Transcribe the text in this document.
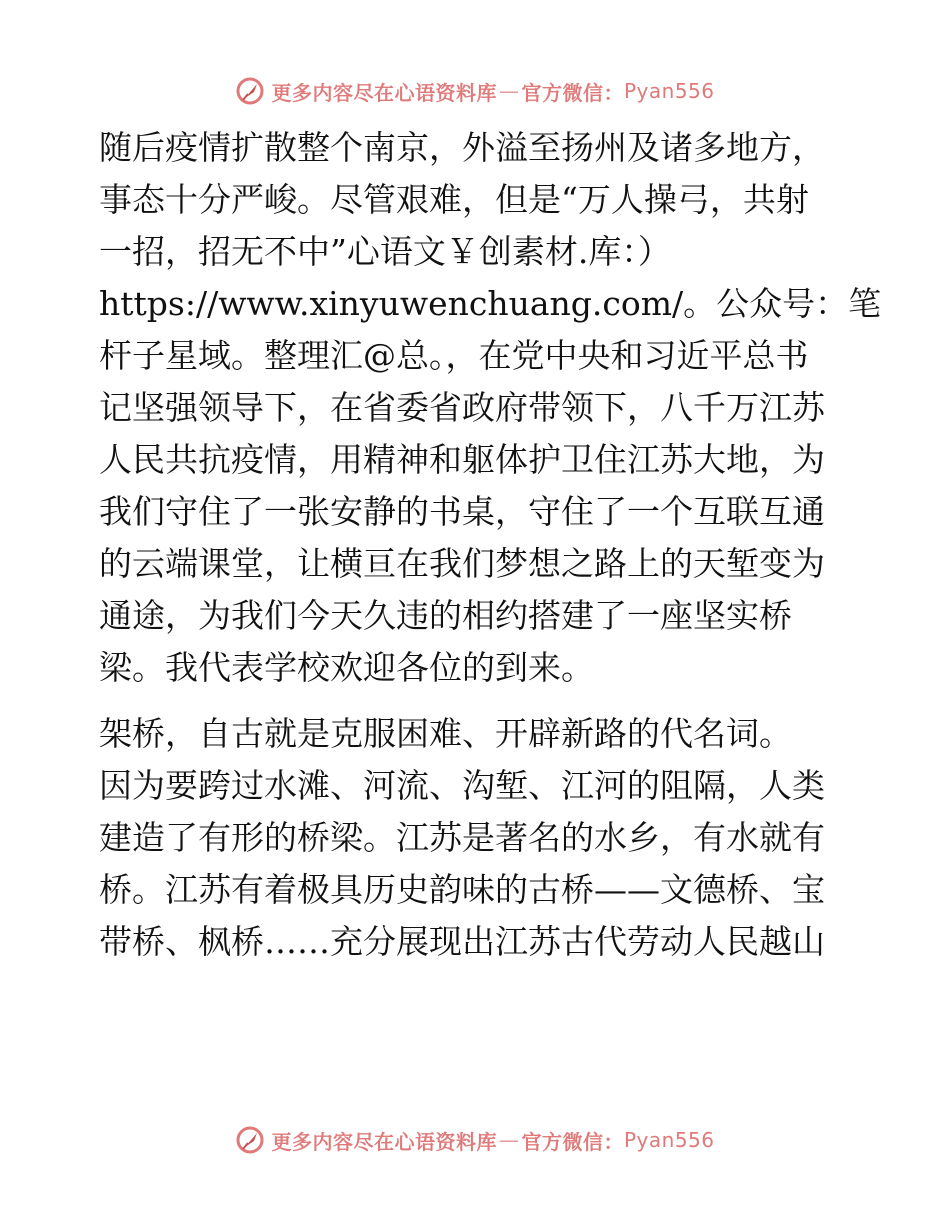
更多内容尽在心语资料库 — 官方微信： Pyan556
随后疫情扩散整个南京，外溢至扬州及诸多地方，
事态十分严峻。尽管艰难，但是“万人操弓，共射
一招，招无不中”心语文￥创素材.库：）
https://www.xinyuwenchuang.com/。公众号：笔
杆子星域。整理汇@总。，在党中央和习近平总书
记坚强领导下，在省委省政府带领下，八千万江苏
人民共抗疫情，用精神和躯体护卫住江苏大地，为
我们守住了一张安静的书桌，守住了一个互联互通
的云端课堂，让横亘在我们梦想之路上的天堑变为
通途，为我们今天久违的相约搭建了一座坚实桥
梁。我代表学校欢迎各位的到来。
架桥，自古就是克服困难、开辟新路的代名词。
因为要跨过水滩、河流、沟堑、江河的阻隔，人类
建造了有形的桥梁。江苏是著名的水乡，有水就有
桥。江苏有着极具历史韵味的古桥——文德桥、宝
带桥、枫桥……充分展现出江苏古代劳动人民越山
更多内容尽在心语资料库 — 官方微信： Pyan556
